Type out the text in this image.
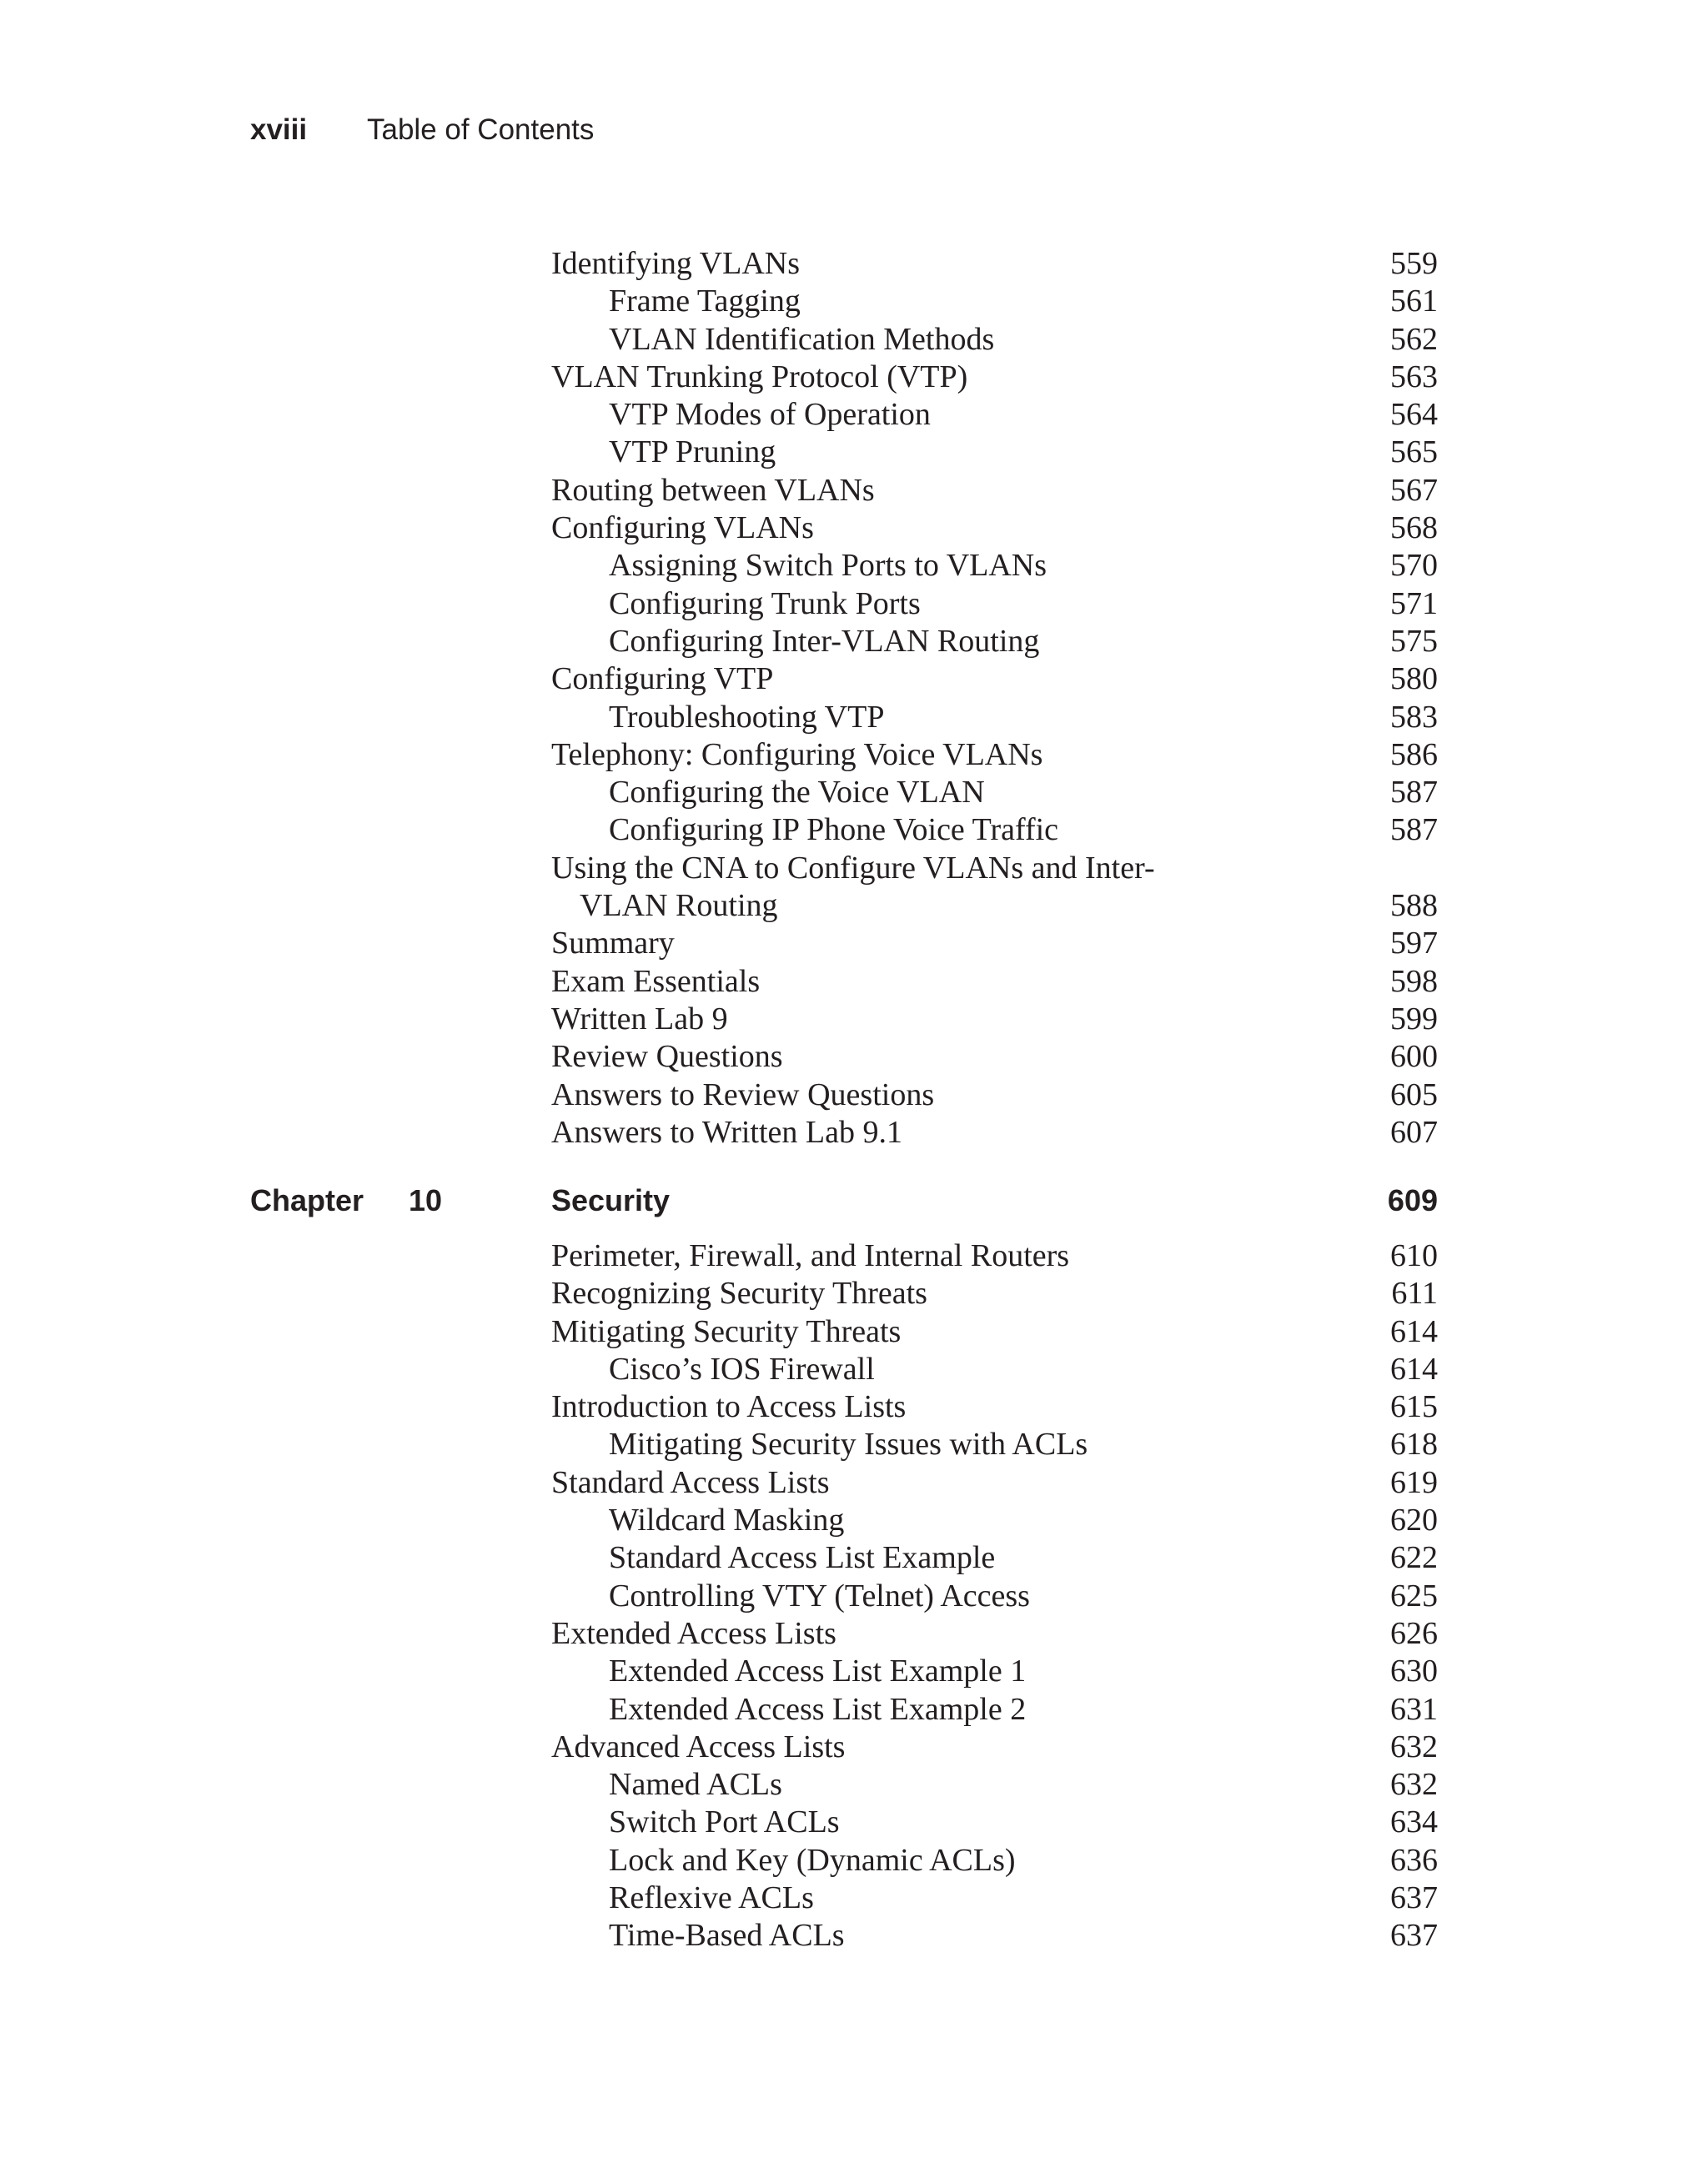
xviii Table of Contents
Identifying VLANs	559
Frame Tagging	561
VLAN Identification Methods	562
VLAN Trunking Protocol (VTP)	563
VTP Modes of Operation	564
VTP Pruning	565
Routing between VLANs	567
Configuring VLANs	568
Assigning Switch Ports to VLANs	570
Configuring Trunk Ports	571
Configuring Inter-VLAN Routing	575
Configuring VTP	580
Troubleshooting VTP	583
Telephony: Configuring Voice VLANs	586
Configuring the Voice VLAN	587
Configuring IP Phone Voice Traffic	587
Using the CNA to Configure VLANs and Inter-VLAN Routing	588
Summary	597
Exam Essentials	598
Written Lab 9	599
Review Questions	600
Answers to Review Questions	605
Answers to Written Lab 9.1	607
Chapter 10	Security	609
Perimeter, Firewall, and Internal Routers	610
Recognizing Security Threats	611
Mitigating Security Threats	614
Cisco’s IOS Firewall	614
Introduction to Access Lists	615
Mitigating Security Issues with ACLs	618
Standard Access Lists	619
Wildcard Masking	620
Standard Access List Example	622
Controlling VTY (Telnet) Access	625
Extended Access Lists	626
Extended Access List Example 1	630
Extended Access List Example 2	631
Advanced Access Lists	632
Named ACLs	632
Switch Port ACLs	634
Lock and Key (Dynamic ACLs)	636
Reflexive ACLs	637
Time-Based ACLs	637
